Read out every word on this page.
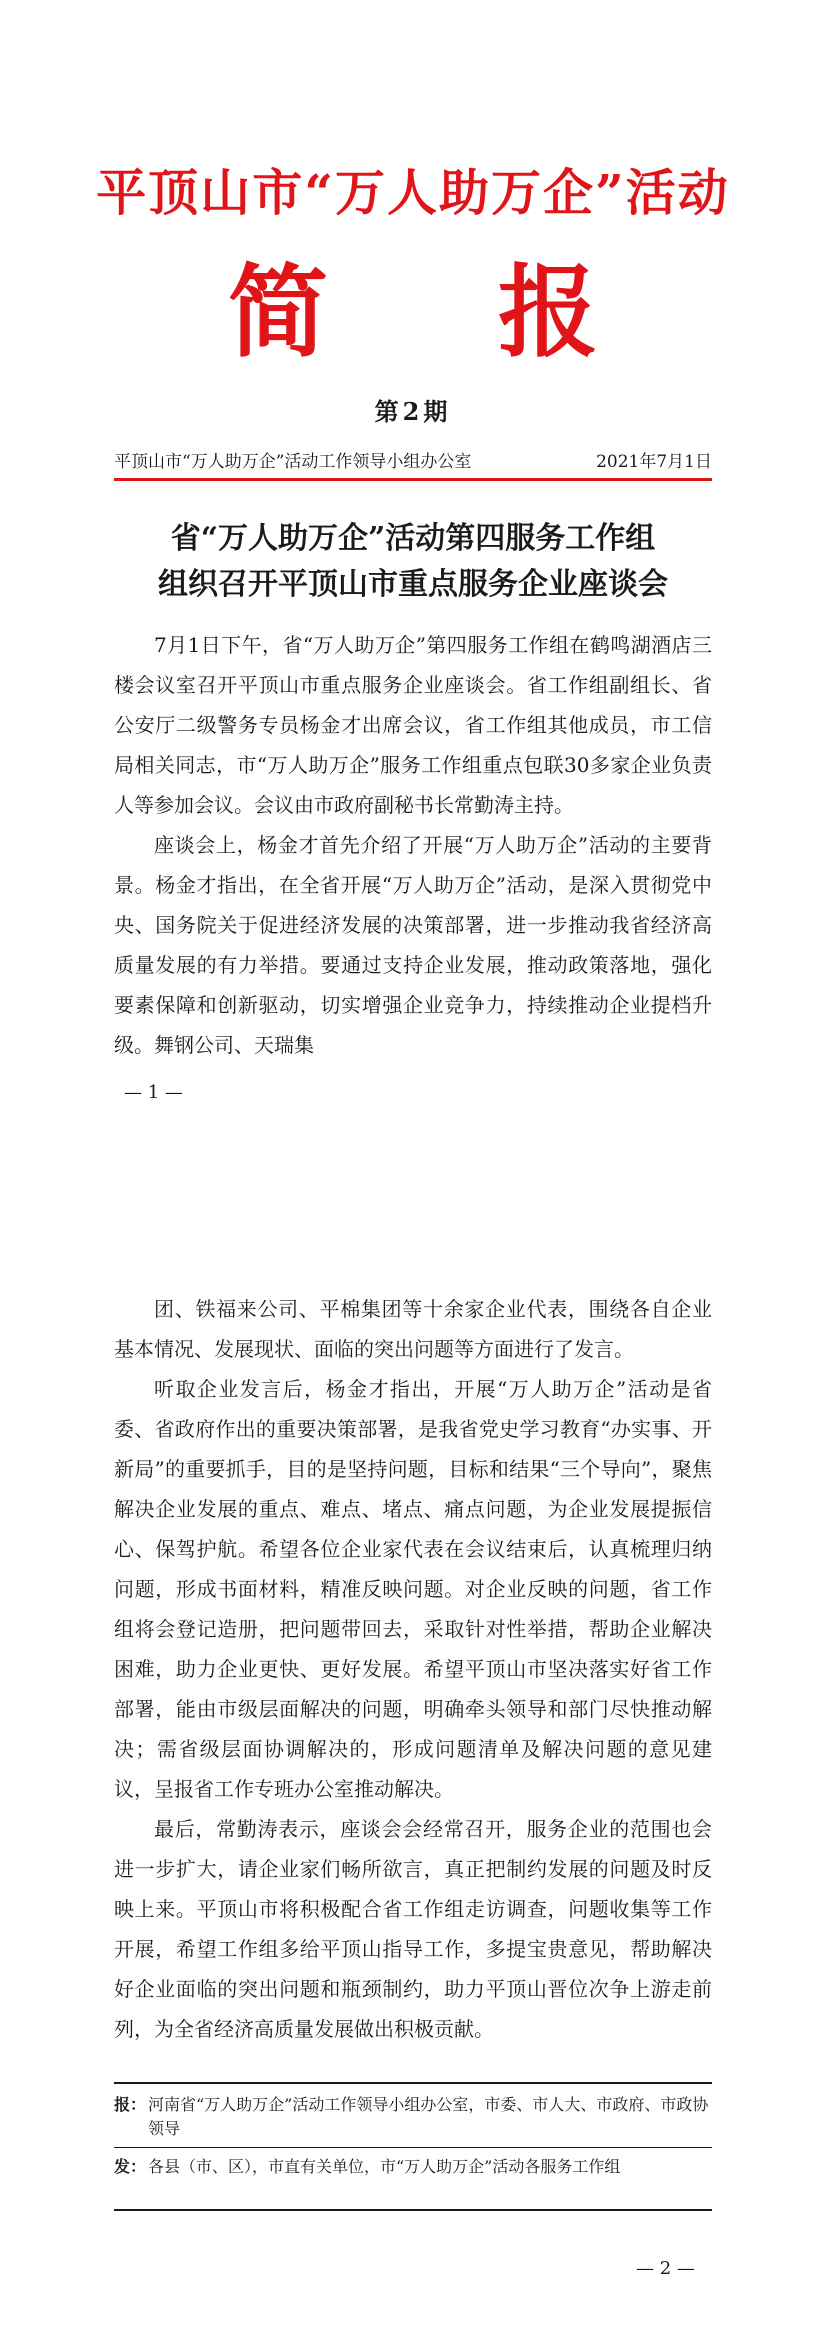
平顶山市“万人助万企”活动
简 报
第2期
平顶山市“万人助万企”活动工作领导小组办公室	2021年7月1日
省“万人助万企”活动第四服务工作组
组织召开平顶山市重点服务企业座谈会

7月1日下午，省“万人助万企”第四服务工作组在鹤鸣湖酒店三楼会议室召开平顶山市重点服务企业座谈会。省工作组副组长、省公安厅二级警务专员杨金才出席会议，省工作组其他成员，市工信局相关同志，市“万人助万企”服务工作组重点包联30多家企业负责人等参加会议。会议由市政府副秘书长常勤涛主持。

座谈会上，杨金才首先介绍了开展“万人助万企”活动的主要背景。杨金才指出，在全省开展“万人助万企”活动，是深入贯彻党中央、国务院关于促进经济发展的决策部署，进一步推动我省经济高质量发展的有力举措。要通过支持企业发展，推动政策落地，强化要素保障和创新驱动，切实增强企业竞争力，持续推动企业提档升级。舞钢公司、天瑞集

— 1 —

团、铁福来公司、平棉集团等十余家企业代表，围绕各自企业基本情况、发展现状、面临的突出问题等方面进行了发言。

听取企业发言后，杨金才指出，开展“万人助万企”活动是省委、省政府作出的重要决策部署，是我省党史学习教育“办实事、开新局”的重要抓手，目的是坚持问题，目标和结果“三个导向”，聚焦解决企业发展的重点、难点、堵点、痛点问题，为企业发展提振信心、保驾护航。希望各位企业家代表在会议结束后，认真梳理归纳问题，形成书面材料，精准反映问题。对企业反映的问题，省工作组将会登记造册，把问题带回去，采取针对性举措，帮助企业解决困难，助力企业更快、更好发展。希望平顶山市坚决落实好省工作部署，能由市级层面解决的问题，明确牵头领导和部门尽快推动解决；需省级层面协调解决的，形成问题清单及解决问题的意见建议，呈报省工作专班办公室推动解决。

最后，常勤涛表示，座谈会会经常召开，服务企业的范围也会进一步扩大，请企业家们畅所欲言，真正把制约发展的问题及时反映上来。平顶山市将积极配合省工作组走访调查，问题收集等工作开展，希望工作组多给平顶山指导工作，多提宝贵意见，帮助解决好企业面临的突出问题和瓶颈制约，助力平顶山晋位次争上游走前列，为全省经济高质量发展做出积极贡献。

报： 河南省“万人助万企”活动工作领导小组办公室，市委、市人大、市政府、市政协领导
发： 各县（市、区），市直有关单位，市“万人助万企”活动各服务工作组
— 2 —
